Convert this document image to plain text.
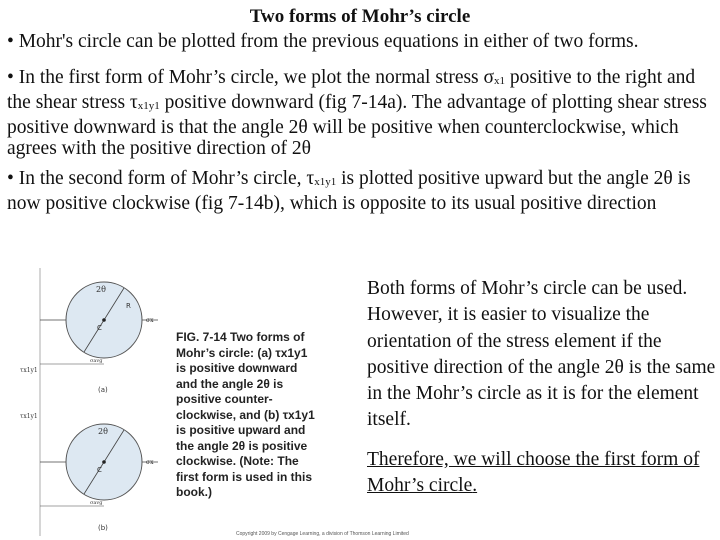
Two forms of Mohr’s circle

• Mohr's circle can be plotted from the previous equations in either of two forms.

• In the first form of Mohr’s circle, we plot the normal stress $\sigma_{x1}$ positive to the right and the shear stress $\tau_{x1y1}$ positive downward (fig 7-14a). The advantage of plotting shear stress positive downward is that the angle 2θ will be positive when counterclockwise, which agrees with the positive direction of 2θ

• In the second form of Mohr’s circle, $\tau_{x1y1}$ is plotted positive upward but the angle 2θ is now positive clockwise (fig 7-14b), which is opposite to its usual positive direction

2θ
C
R
σx
τx1y1
σavg
(a)
2θ
C
σx
τx1y1
σavg
(b)
FIG. 7-14 Two forms of
Mohr’s circle: (a) τx1y1
is positive downward
and the angle 2θ is
positive counter-
clockwise, and (b) τx1y1
is positive upward and
the angle 2θ is positive
clockwise. (Note: The
first form is used in this
book.)
Copyright 2009 by Cengage Learning, a division of Thomson Learning Limited

Both forms of Mohr’s circle can be used. However, it is easier to visualize the orientation of the stress element if the positive direction of the angle 2θ is the same in the Mohr’s circle as it is for the element itself.

Therefore, we will choose the first form of Mohr’s circle.
